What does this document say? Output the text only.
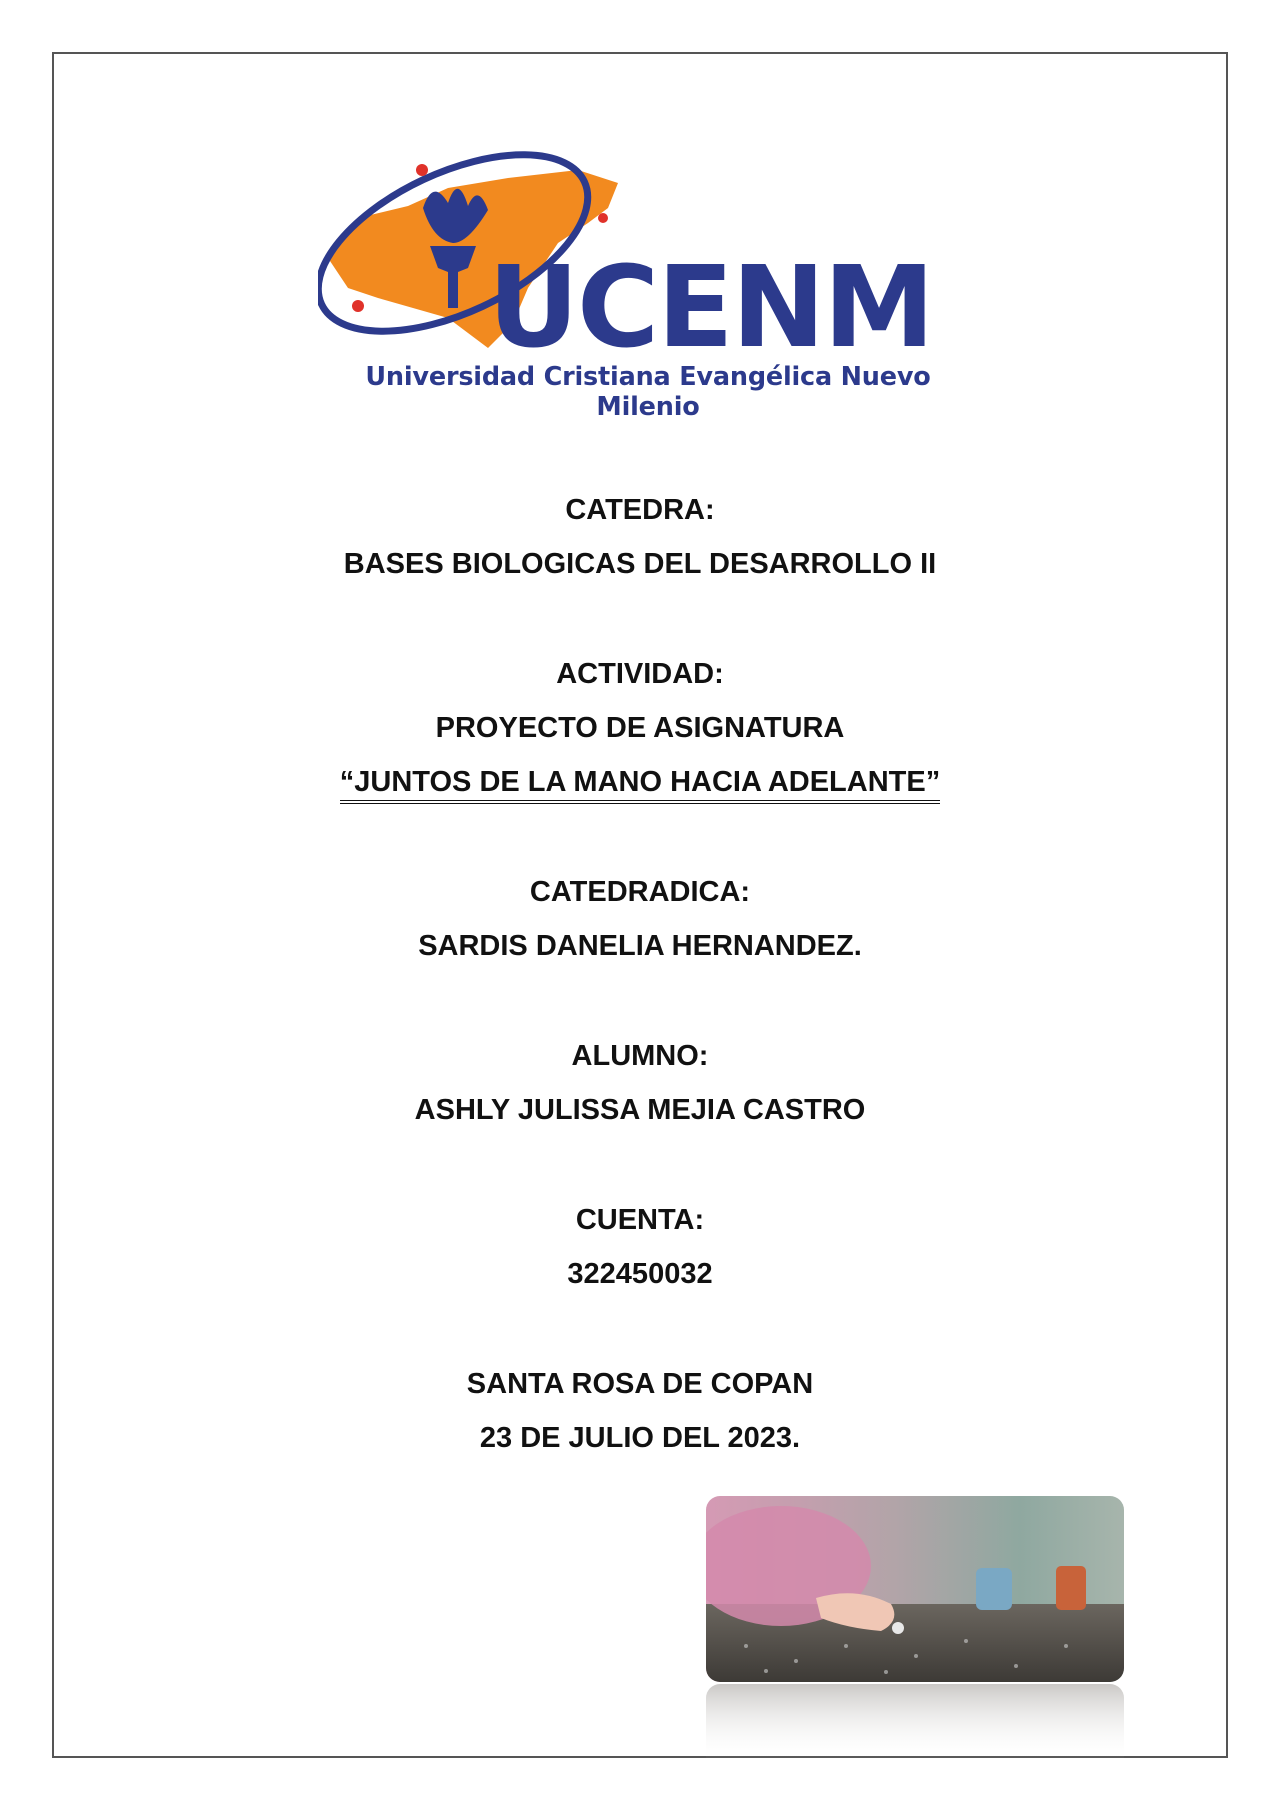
UCENM
Universidad Cristiana Evangélica Nuevo Milenio

CATEDRA:

BASES BIOLOGICAS DEL DESARROLLO II

ACTIVIDAD:

PROYECTO DE ASIGNATURA

“JUNTOS DE LA MANO HACIA ADELANTE”

CATEDRADICA:

SARDIS DANELIA HERNANDEZ.

ALUMNO:

ASHLY JULISSA MEJIA CASTRO

CUENTA:

322450032

SANTA ROSA DE COPAN

23 DE JULIO DEL 2023.
